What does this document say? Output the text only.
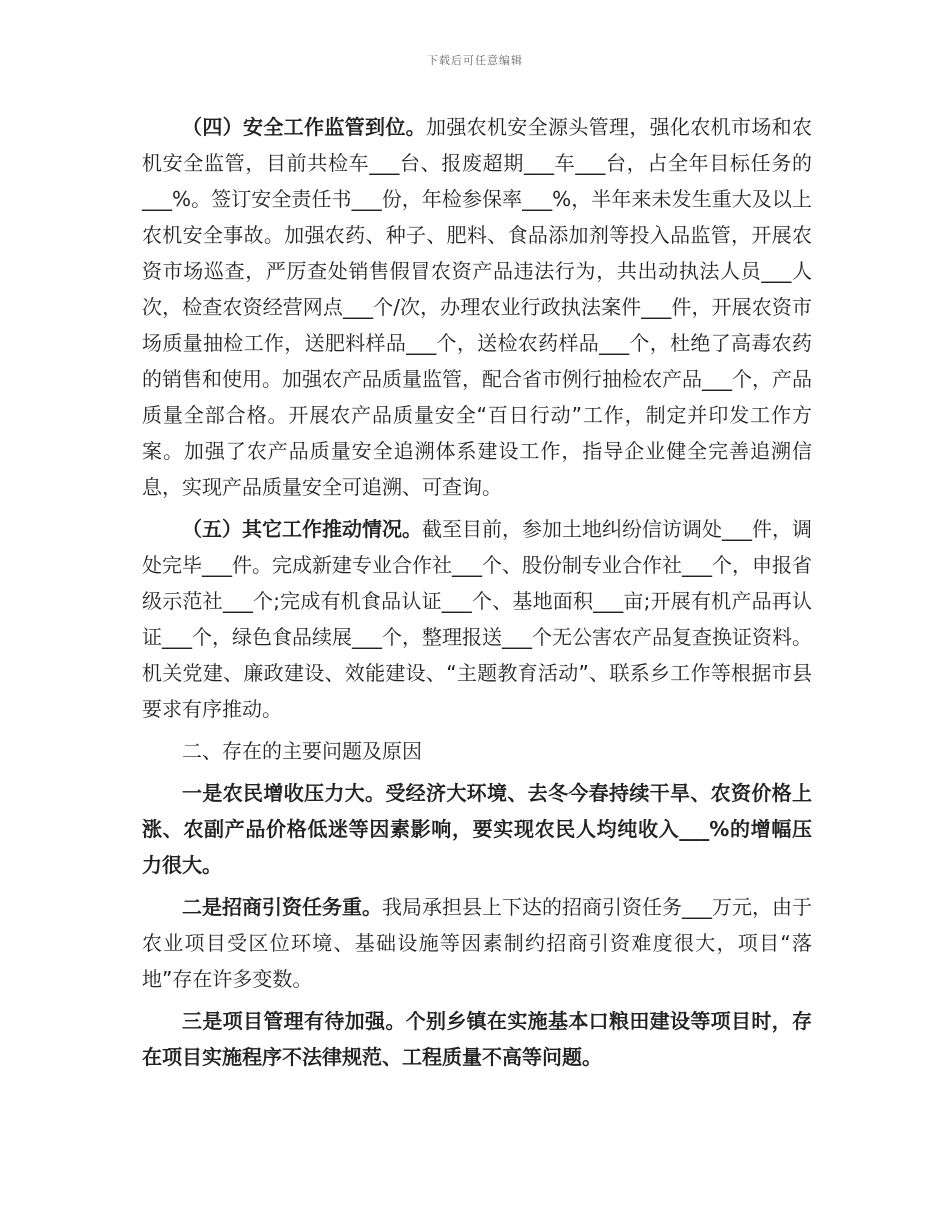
下载后可任意编辑

（四）安全工作监管到位。加强农机安全源头管理，强化农机市场和农机安全监管，目前共检车___台、报废超期___车___台，占全年目标任务的___%。签订安全责任书___份，年检参保率___%，半年来未发生重大及以上农机安全事故。加强农药、种子、肥料、食品添加剂等投入品监管，开展农资市场巡查，严厉查处销售假冒农资产品违法行为，共出动执法人员___人次，检查农资经营网点___个/次，办理农业行政执法案件___件，开展农资市场质量抽检工作，送肥料样品___个，送检农药样品___个，杜绝了高毒农药的销售和使用。加强农产品质量监管，配合省市例行抽检农产品___个，产品质量全部合格。开展农产品质量安全“百日行动”工作，制定并印发工作方案。加强了农产品质量安全追溯体系建设工作，指导企业健全完善追溯信息，实现产品质量安全可追溯、可查询。

（五）其它工作推动情况。截至目前，参加土地纠纷信访调处___件，调处完毕___件。完成新建专业合作社___个、股份制专业合作社___个，申报省级示范社___个;完成有机食品认证___个、基地面积___亩;开展有机产品再认证___个，绿色食品续展___个，整理报送___个无公害农产品复查换证资料。机关党建、廉政建设、效能建设、“主题教育活动”、联系乡工作等根据市县要求有序推动。

二、存在的主要问题及原因

一是农民增收压力大。受经济大环境、去冬今春持续干旱、农资价格上涨、农副产品价格低迷等因素影响，要实现农民人均纯收入___%的增幅压力很大。

二是招商引资任务重。我局承担县上下达的招商引资任务___万元，由于农业项目受区位环境、基础设施等因素制约招商引资难度很大，项目“落地”存在许多变数。

三是项目管理有待加强。个别乡镇在实施基本口粮田建设等项目时，存在项目实施程序不法律规范、工程质量不高等问题。
